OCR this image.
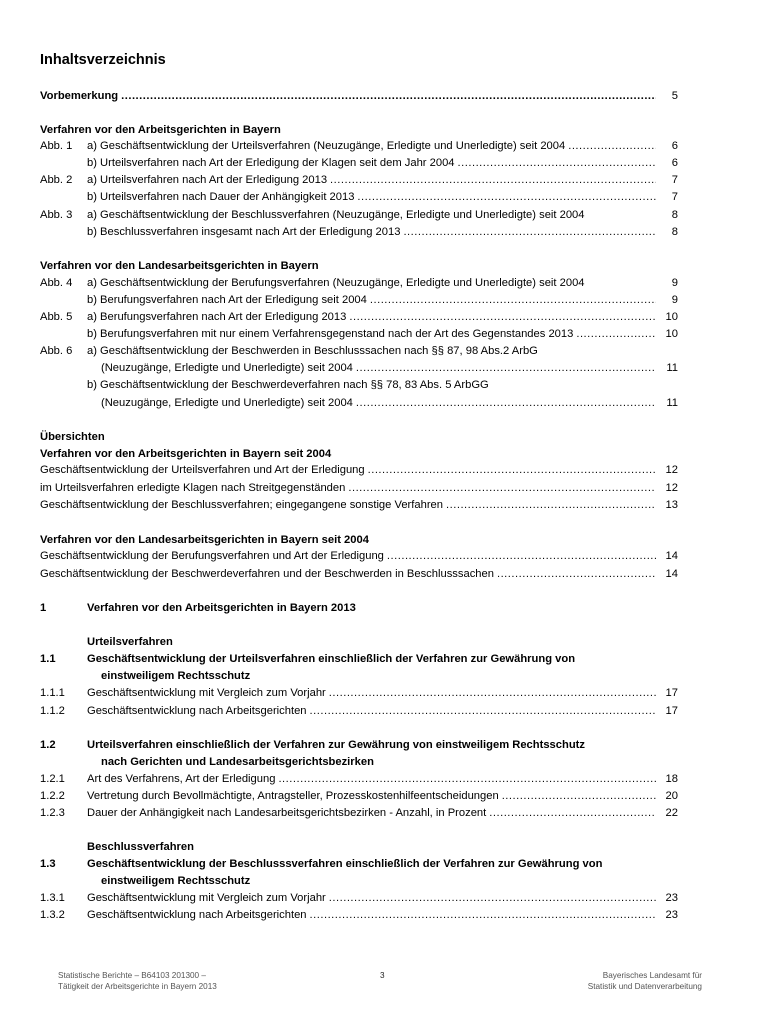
Inhaltsverzeichnis
Vorbemerkung .....	5
Verfahren vor den Arbeitsgerichten in Bayern
Abb. 1 a) Geschäftsentwicklung der Urteilsverfahren (Neuzugänge, Erledigte und Unerledigte) seit 2004 .....	6
b) Urteilsverfahren nach Art der Erledigung der Klagen seit dem Jahr 2004 .....	6
Abb. 2 a) Urteilsverfahren nach Art der Erledigung 2013 .....	7
b) Urteilsverfahren nach Dauer der Anhängigkeit 2013 .....	7
Abb. 3 a) Geschäftsentwicklung der Beschlussverfahren (Neuzugänge, Erledigte und Unerledigte) seit 2004	8
b) Beschlussverfahren insgesamt nach Art der Erledigung 2013 .....	8
Verfahren vor den Landesarbeitsgerichten in Bayern
Abb. 4 a) Geschäftsentwicklung der Berufungsverfahren (Neuzugänge, Erledigte und Unerledigte) seit 2004	9
b) Berufungsverfahren nach Art der Erledigung seit 2004 .....	9
Abb. 5 a) Berufungsverfahren nach Art der Erledigung 2013 .....	10
b) Berufungsverfahren mit nur einem Verfahrensgegenstand nach der Art des Gegenstandes 2013 .....	10
Abb. 6 a) Geschäftsentwicklung der Beschwerden in Beschlusssachen nach §§ 87, 98 Abs.2 ArbG
(Neuzugänge, Erledigte und Unerledigte) seit 2004 .....	11
b) Geschäftsentwicklung der Beschwerdeverfahren nach §§ 78, 83 Abs. 5 ArbGG
(Neuzugänge, Erledigte und Unerledigte) seit 2004 .....	11
Übersichten
Verfahren vor den Arbeitsgerichten in Bayern seit 2004
Geschäftsentwicklung der Urteilsverfahren und Art der Erledigung .....	12
im Urteilsverfahren erledigte Klagen nach Streitgegenständen .....	12
Geschäftsentwicklung der Beschlussverfahren; eingegangene sonstige Verfahren .....	13
Verfahren vor den Landesarbeitsgerichten in Bayern seit 2004
Geschäftsentwicklung der Berufungsverfahren und Art der Erledigung .....	14
Geschäftsentwicklung der Beschwerdeverfahren und der Beschwerden in Beschlusssachen .....	14
1	Verfahren vor den Arbeitsgerichten in Bayern 2013
Urteilsverfahren
1.1	Geschäftsentwicklung der Urteilsverfahren einschließlich der Verfahren zur Gewährung von
einstweiligem Rechtsschutz
1.1.1 Geschäftsentwicklung mit Vergleich zum Vorjahr .....	17
1.1.2 Geschäftsentwicklung nach Arbeitsgerichten .....	17
1.2	Urteilsverfahren einschließlich der Verfahren zur Gewährung von einstweiligem Rechtsschutz
nach Gerichten und Landesarbeitsgerichtsbezirken
1.2.1 Art des Verfahrens, Art der Erledigung .....	18
1.2.2 Vertretung durch Bevollmächtigte, Antragsteller, Prozesskostenhilfeentscheidungen .....	20
1.2.3 Dauer der Anhängigkeit nach Landesarbeitsgerichtsbezirken - Anzahl, in Prozent .....	22
Beschlussverfahren
1.3	Geschäftsentwicklung der Beschlusssverfahren einschließlich der Verfahren zur Gewährung von
einstweiligem Rechtsschutz
1.3.1 Geschäftsentwicklung mit Vergleich zum Vorjahr .....	23
1.3.2 Geschäftsentwicklung nach Arbeitsgerichten .....	23
Statistische Berichte – B64103 201300 –
Tätigkeit der Arbeitsgerichte in Bayern 2013
3	Bayerisches Landesamt für
Statistik und Datenverarbeitung
